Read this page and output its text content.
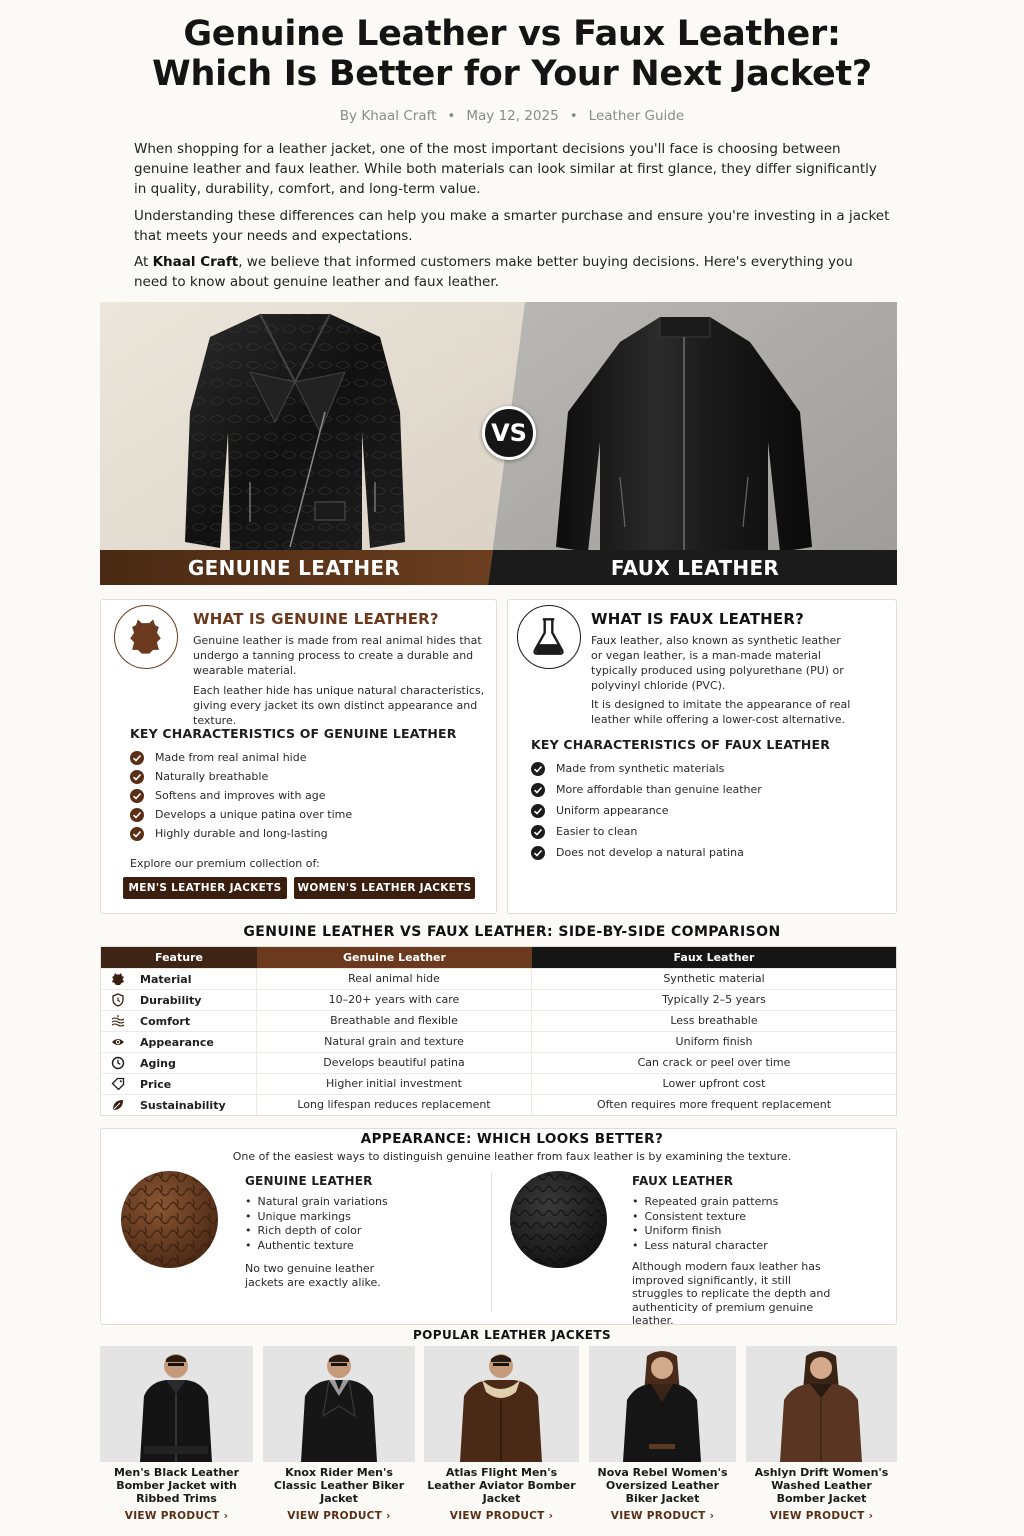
Genuine Leather vs Faux Leather:
Which Is Better for Your Next Jacket?
By Khaal Craft • May 12, 2025 • Leather Guide

When shopping for a leather jacket, one of the most important decisions you'll face is choosing between genuine leather and faux leather. While both materials can look similar at first glance, they differ significantly in quality, durability, comfort, and long-term value.

Understanding these differences can help you make a smarter purchase and ensure you're investing in a jacket that meets your needs and expectations.

At Khaal Craft, we believe that informed customers make better buying decisions. Here's everything you need to know about genuine leather and faux leather.

GENUINE LEATHER	FAUX LEATHER
VS
WHAT IS GENUINE LEATHER?

Genuine leather is made from real animal hides that undergo a tanning process to create a durable and wearable material.

Each leather hide has unique natural characteristics, giving every jacket its own distinct appearance and texture.

KEY CHARACTERISTICS OF GENUINE LEATHER
Made from real animal hide
Naturally breathable
Softens and improves with age
Develops a unique patina over time
Highly durable and long-lasting
Explore our premium collection of:
MEN'S LEATHER JACKETS	WOMEN'S LEATHER JACKETS
WHAT IS FAUX LEATHER?

Faux leather, also known as synthetic leather or vegan leather, is a man-made material typically produced using polyurethane (PU) or polyvinyl chloride (PVC).

It is designed to imitate the appearance of real leather while offering a lower-cost alternative.

KEY CHARACTERISTICS OF FAUX LEATHER
Made from synthetic materials
More affordable than genuine leather
Uniform appearance
Easier to clean
Does not develop a natural patina
GENUINE LEATHER VS FAUX LEATHER: SIDE-BY-SIDE COMPARISON
Feature	Genuine Leather	Faux Leather
Material	Real animal hide	Synthetic material
Durability	10–20+ years with care	Typically 2–5 years
Comfort	Breathable and flexible	Less breathable
Appearance	Natural grain and texture	Uniform finish
Aging	Develops beautiful patina	Can crack or peel over time
Price	Higher initial investment	Lower upfront cost
Sustainability	Long lifespan reduces replacement	Often requires more frequent replacement
APPEARANCE: WHICH LOOKS BETTER?
One of the easiest ways to distinguish genuine leather from faux leather is by examining the texture.
GENUINE LEATHER
• Natural grain variations
• Unique markings
• Rich depth of color
• Authentic texture

No two genuine leather jackets are exactly alike.

FAUX LEATHER
• Repeated grain patterns
• Consistent texture
• Uniform finish
• Less natural character

Although modern faux leather has improved significantly, it still struggles to replicate the depth and authenticity of premium genuine leather.

POPULAR LEATHER JACKETS
Men's Black Leather Bomber Jacket with Ribbed Trims
VIEW PRODUCT ›
Knox Rider Men's Classic Leather Biker Jacket
VIEW PRODUCT ›
Atlas Flight Men's Leather Aviator Bomber Jacket
VIEW PRODUCT ›
Nova Rebel Women's Oversized Leather Biker Jacket
VIEW PRODUCT ›
Ashlyn Drift Women's Washed Leather Bomber Jacket
VIEW PRODUCT ›
